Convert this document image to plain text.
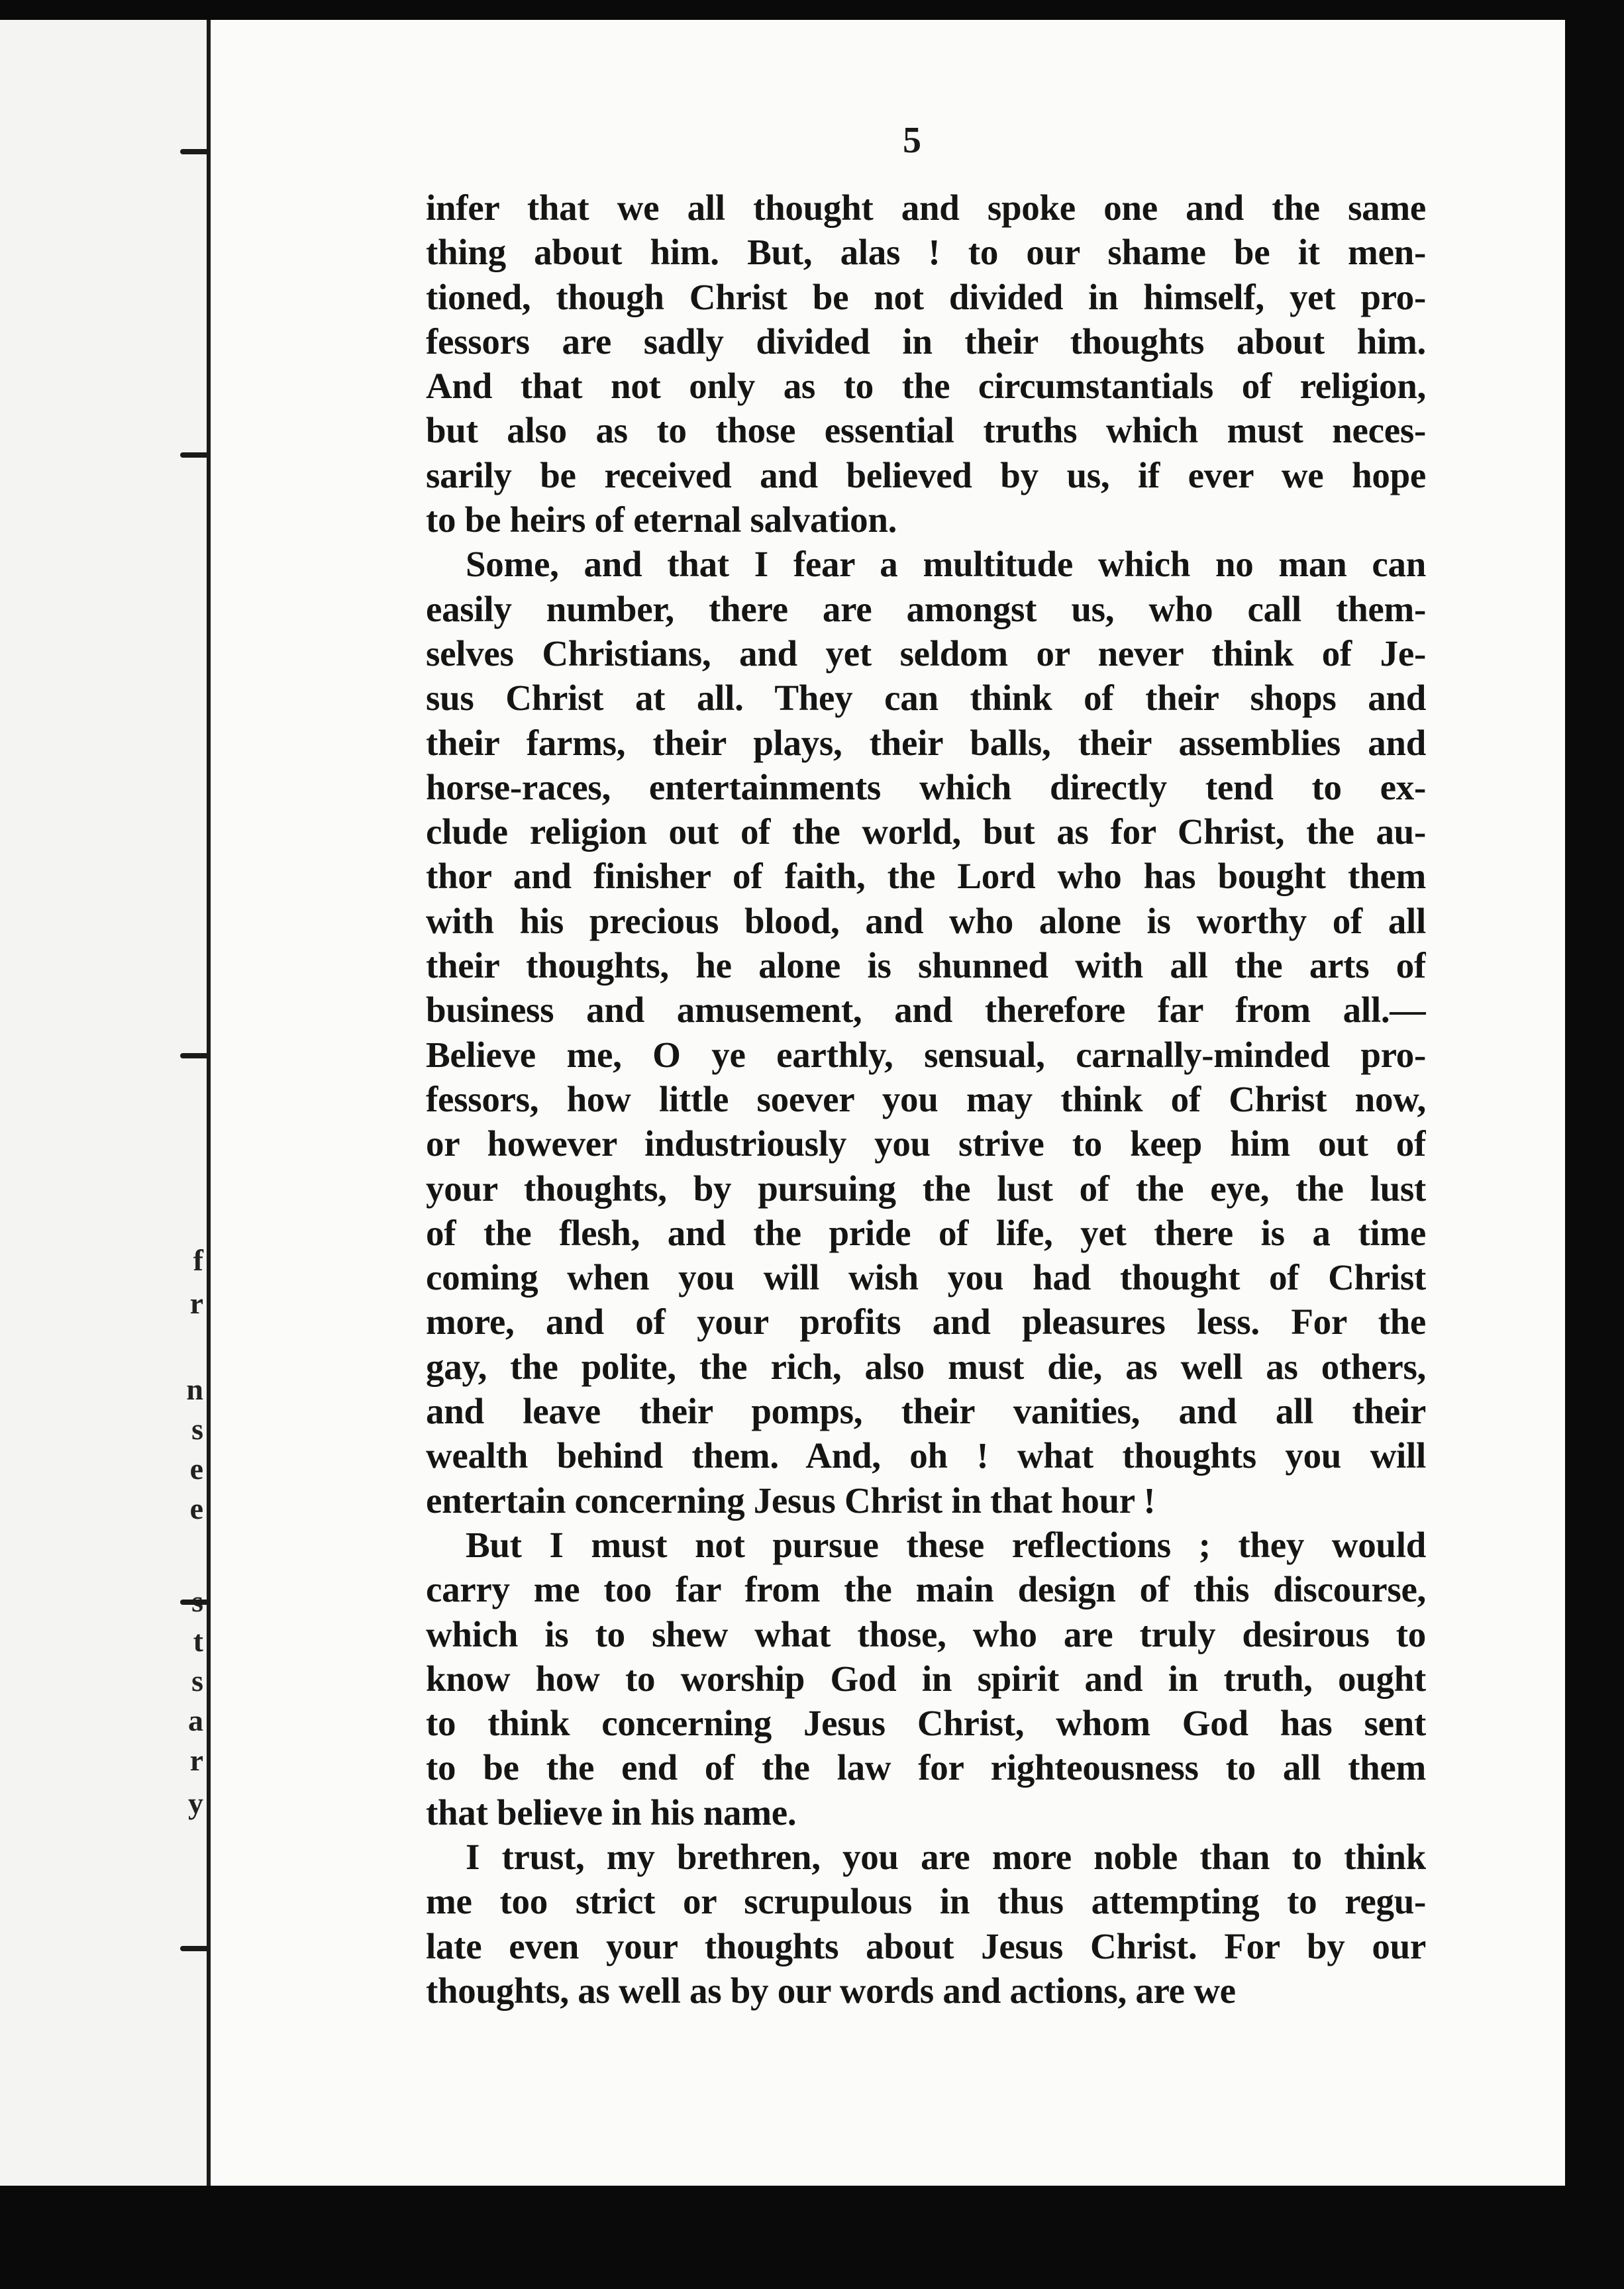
f
r
n
s
e
e
t
s
a
r
y
5
infer that we all thought and spoke one and the same
thing about him. But, alas ! to our shame be it men-
tioned, though Christ be not divided in himself, yet pro-
fessors are sadly divided in their thoughts about him.
And that not only as to the circumstantials of religion,
but also as to those essential truths which must neces-
sarily be received and believed by us, if ever we hope
to be heirs of eternal salvation.
Some, and that I fear a multitude which no man can
easily number, there are amongst us, who call them-
selves Christians, and yet seldom or never think of Je-
sus Christ at all. They can think of their shops and
their farms, their plays, their balls, their assemblies and
horse-races, entertainments which directly tend to ex-
clude religion out of the world, but as for Christ, the au-
thor and finisher of faith, the Lord who has bought them
with his precious blood, and who alone is worthy of all
their thoughts, he alone is shunned with all the arts of
business and amusement, and therefore far from all.—
Believe me, O ye earthly, sensual, carnally-minded pro-
fessors, how little soever you may think of Christ now,
or however industriously you strive to keep him out of
your thoughts, by pursuing the lust of the eye, the lust
of the flesh, and the pride of life, yet there is a time
coming when you will wish you had thought of Christ
more, and of your profits and pleasures less. For the
gay, the polite, the rich, also must die, as well as others,
and leave their pomps, their vanities, and all their
wealth behind them. And, oh ! what thoughts you will
entertain concerning Jesus Christ in that hour !
But I must not pursue these reflections ; they would
carry me too far from the main design of this discourse,
which is to shew what those, who are truly desirous to
know how to worship God in spirit and in truth, ought
to think concerning Jesus Christ, whom God has sent
to be the end of the law for righteousness to all them
that believe in his name.
I trust, my brethren, you are more noble than to think
me too strict or scrupulous in thus attempting to regu-
late even your thoughts about Jesus Christ. For by our
thoughts, as well as by our words and actions, are we
